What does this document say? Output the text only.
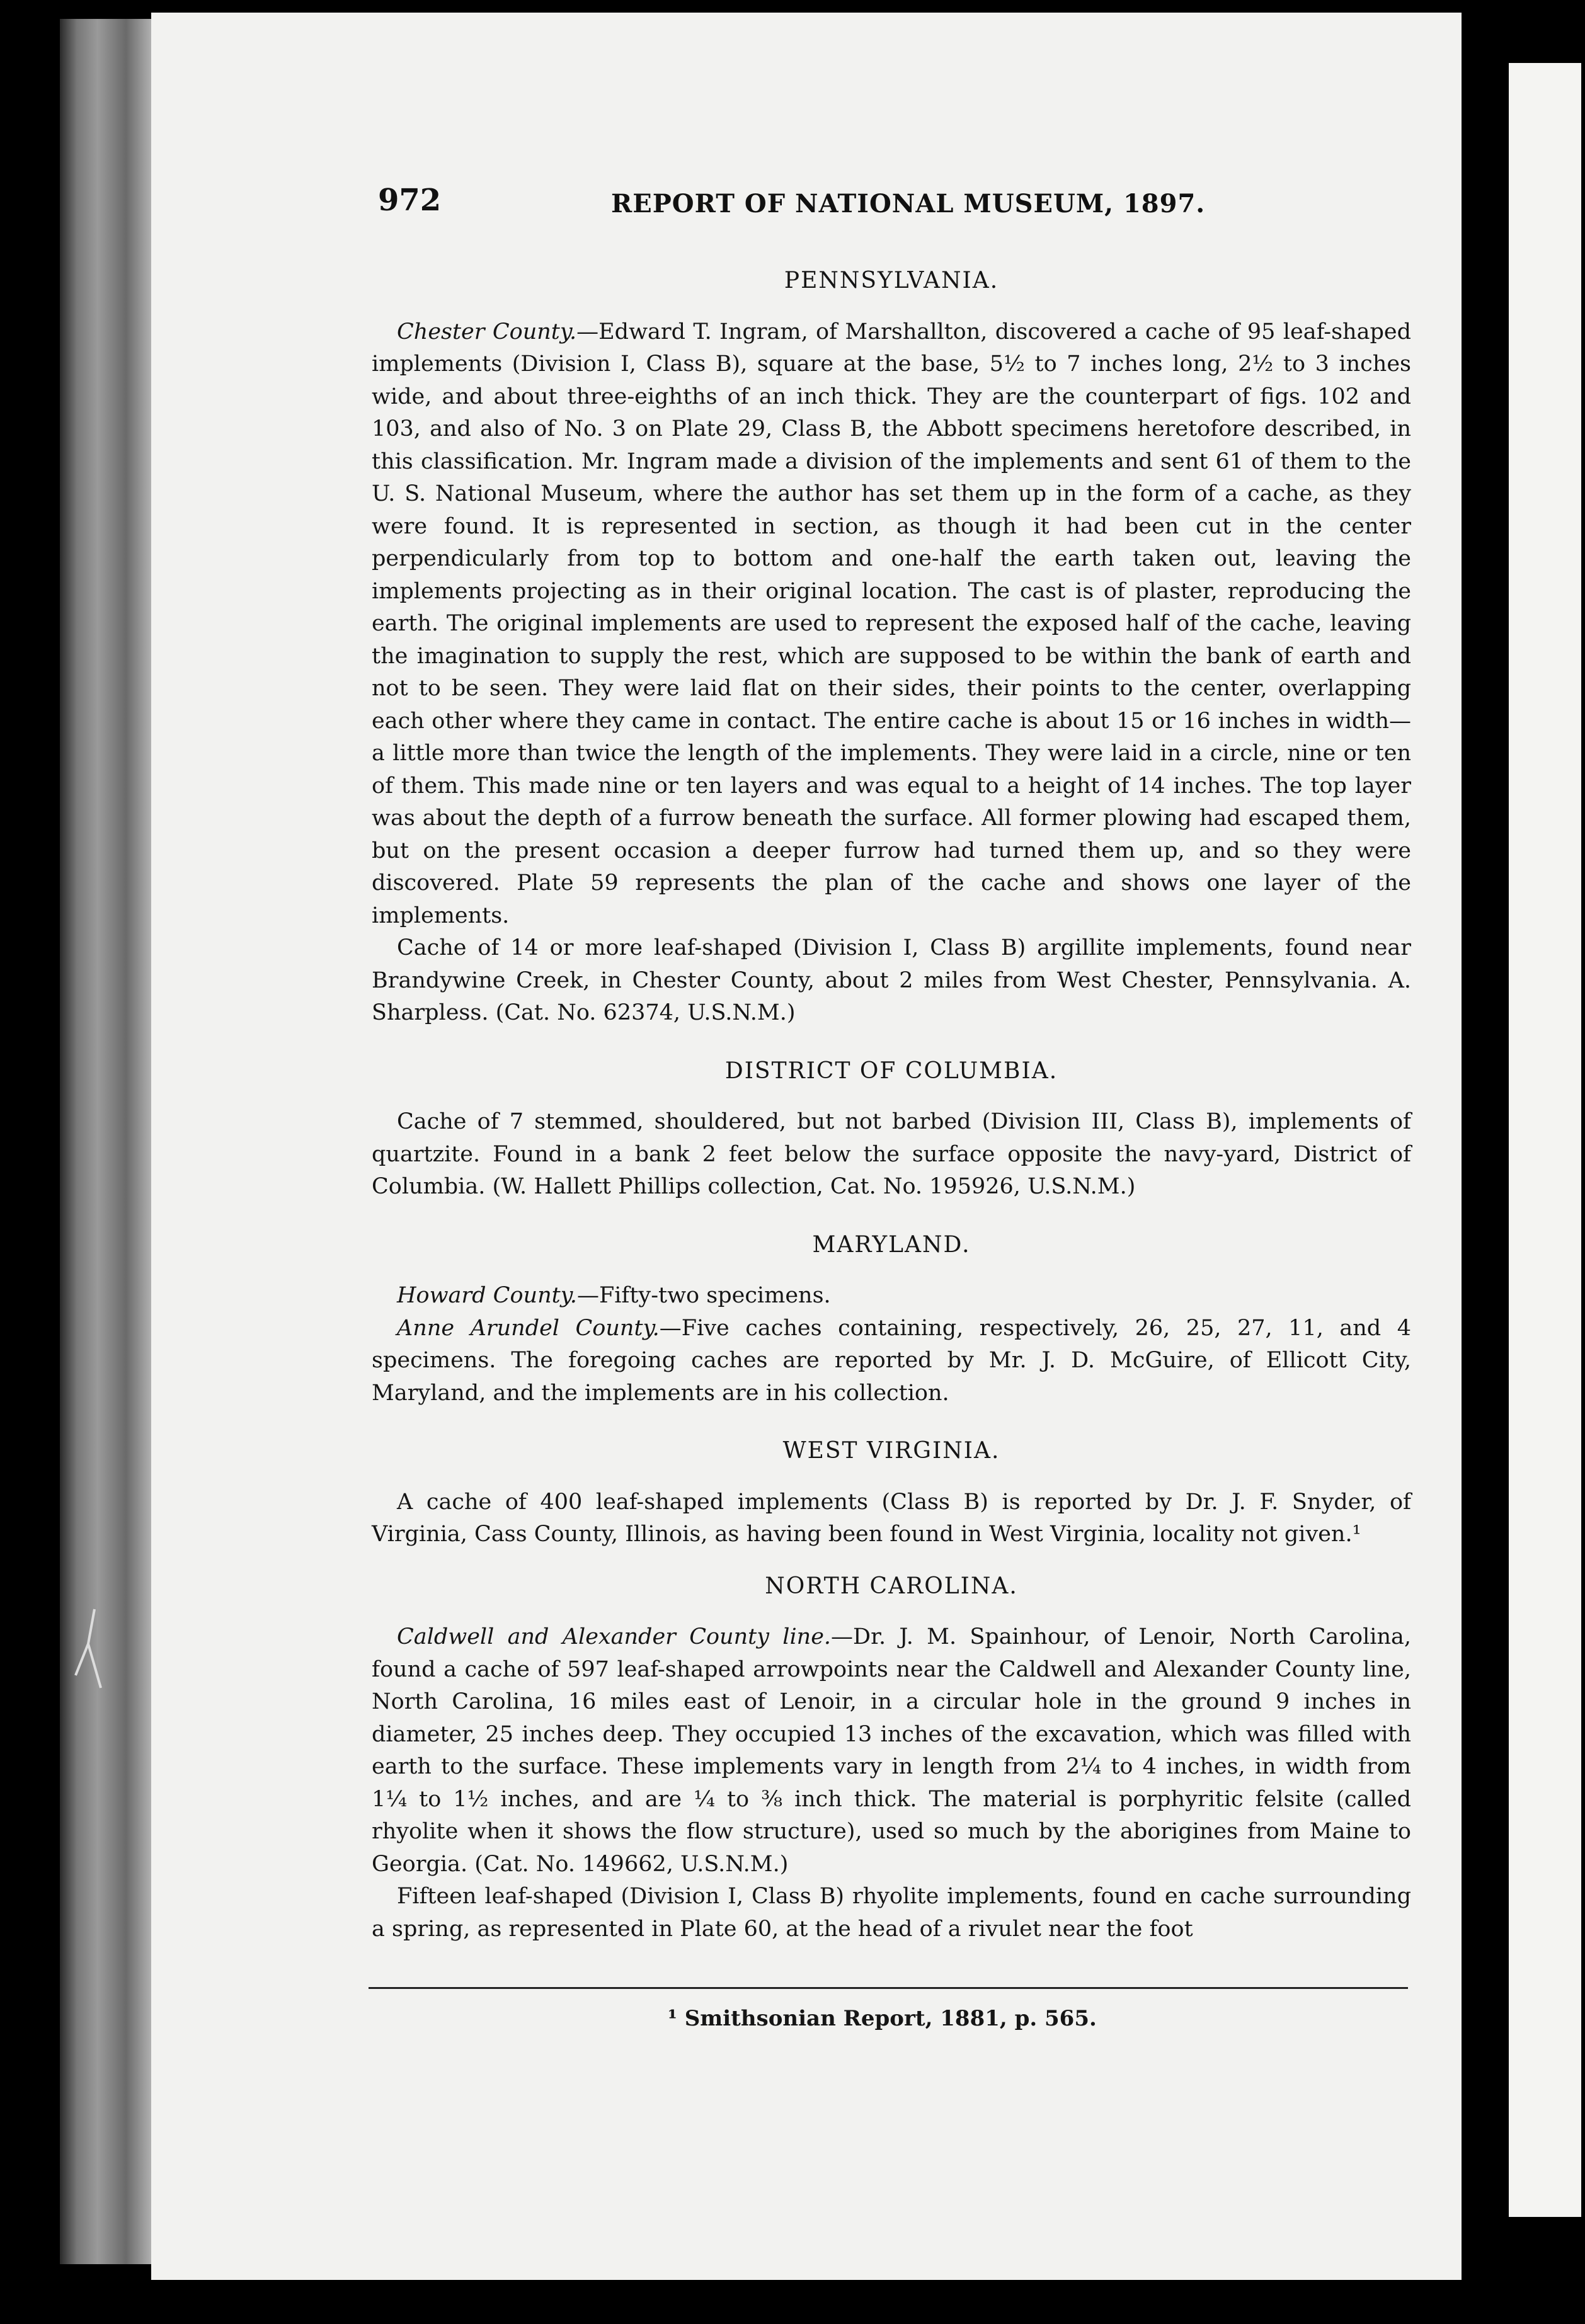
972	REPORT OF NATIONAL MUSEUM, 1897.
PENNSYLVANIA.

Chester County.—Edward T. Ingram, of Marshallton, discovered a cache of 95 leaf-shaped implements (Division I, Class B), square at the base, 5½ to 7 inches long, 2½ to 3 inches wide, and about three-eighths of an inch thick. They are the counterpart of figs. 102 and 103, and also of No. 3 on Plate 29, Class B, the Abbott specimens heretofore described, in this classification. Mr. Ingram made a division of the implements and sent 61 of them to the U. S. National Museum, where the author has set them up in the form of a cache, as they were found. It is represented in section, as though it had been cut in the center perpendicularly from top to bottom and one-half the earth taken out, leaving the implements projecting as in their original location. The cast is of plaster, reproducing the earth. The original implements are used to represent the exposed half of the cache, leaving the imagination to supply the rest, which are supposed to be within the bank of earth and not to be seen. They were laid flat on their sides, their points to the center, overlapping each other where they came in contact. The entire cache is about 15 or 16 inches in width—a little more than twice the length of the implements. They were laid in a circle, nine or ten of them. This made nine or ten layers and was equal to a height of 14 inches. The top layer was about the depth of a furrow beneath the surface. All former plowing had escaped them, but on the present occasion a deeper furrow had turned them up, and so they were discovered. Plate 59 represents the plan of the cache and shows one layer of the implements.

Cache of 14 or more leaf-shaped (Division I, Class B) argillite implements, found near Brandywine Creek, in Chester County, about 2 miles from West Chester, Pennsylvania. A. Sharpless. (Cat. No. 62374, U.S.N.M.)

DISTRICT OF COLUMBIA.

Cache of 7 stemmed, shouldered, but not barbed (Division III, Class B), implements of quartzite. Found in a bank 2 feet below the surface opposite the navy-yard, District of Columbia. (W. Hallett Phillips collection, Cat. No. 195926, U.S.N.M.)

MARYLAND.

Howard County.—Fifty-two specimens.

Anne Arundel County.—Five caches containing, respectively, 26, 25, 27, 11, and 4 specimens. The foregoing caches are reported by Mr. J. D. McGuire, of Ellicott City, Maryland, and the implements are in his collection.

WEST VIRGINIA.

A cache of 400 leaf-shaped implements (Class B) is reported by Dr. J. F. Snyder, of Virginia, Cass County, Illinois, as having been found in West Virginia, locality not given.¹

NORTH CAROLINA.

Caldwell and Alexander County line.—Dr. J. M. Spainhour, of Lenoir, North Carolina, found a cache of 597 leaf-shaped arrowpoints near the Caldwell and Alexander County line, North Carolina, 16 miles east of Lenoir, in a circular hole in the ground 9 inches in diameter, 25 inches deep. They occupied 13 inches of the excavation, which was filled with earth to the surface. These implements vary in length from 2¼ to 4 inches, in width from 1¼ to 1½ inches, and are ¼ to ⅜ inch thick. The material is porphyritic felsite (called rhyolite when it shows the flow structure), used so much by the aborigines from Maine to Georgia. (Cat. No. 149662, U.S.N.M.)

Fifteen leaf-shaped (Division I, Class B) rhyolite implements, found en cache surrounding a spring, as represented in Plate 60, at the head of a rivulet near the foot

¹ Smithsonian Report, 1881, p. 565.
